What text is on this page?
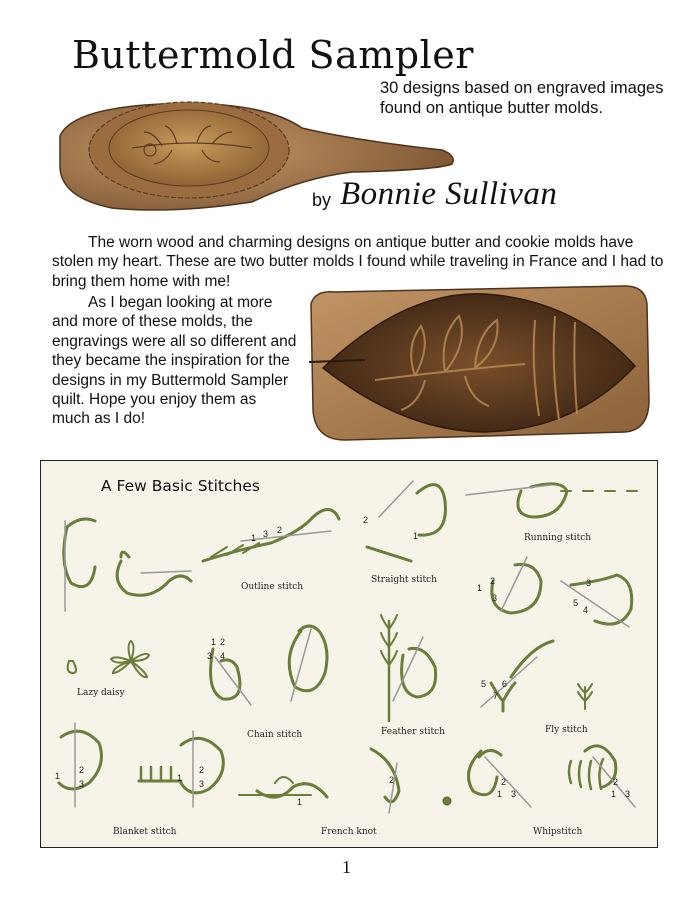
Buttermold Sampler
30 designs based on engraved images found on antique butter molds.
by Bonnie Sullivan

The worn wood and charming designs on antique butter and cookie molds have stolen my heart. These are two butter molds I found while traveling in France and I had to bring them home with me!

As I began looking at more and more of these molds, the engravings were all so different and they became the inspiration for the designs in my Buttermold Sampler quilt. Hope you enjoy them as much as I do!

A Few Basic Stitches
Running stitch
Outline stitch
Straight stitch
Lazy daisy
Chain stitch	Feather stitch	Fly stitch
Blanket stitch	French knot	Whipstitch
1 3 2
2
1
1
2
3
3
5
4
1 2
3 4
5 6
7
1
2
3
1
2
3
1
2	2
1 3
2
1 3
1
